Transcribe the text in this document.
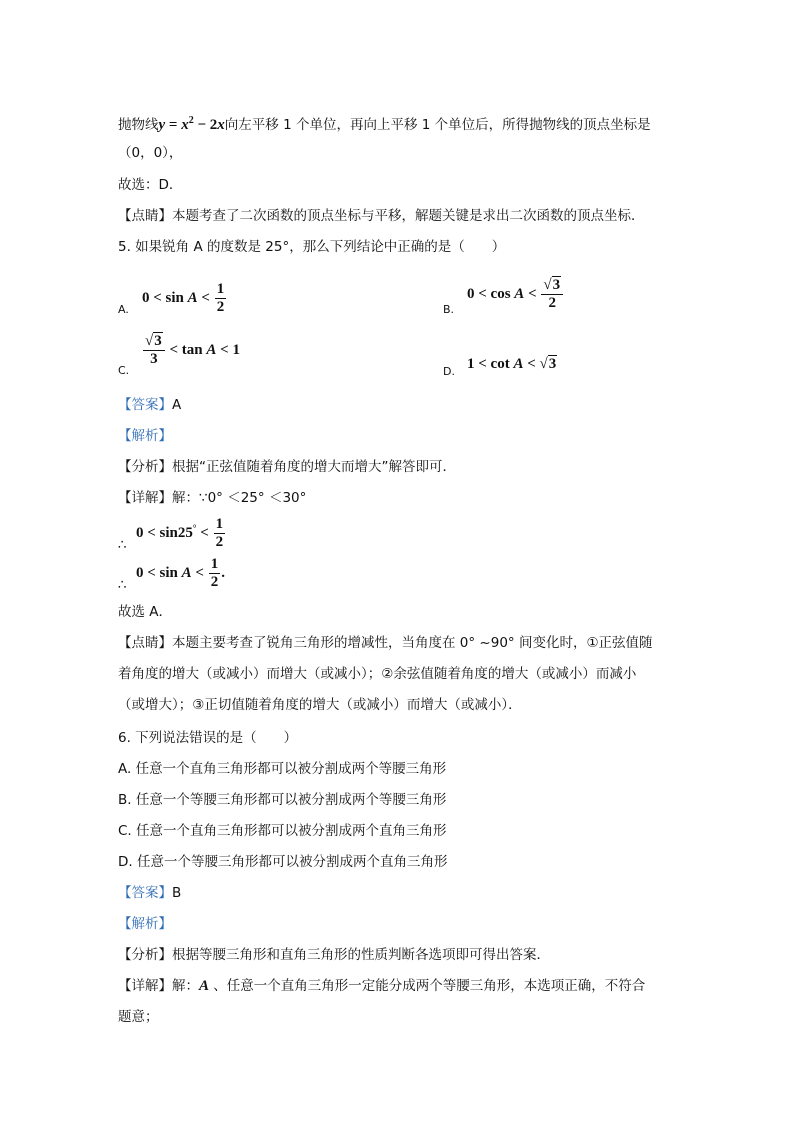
抛物线$y = x^2 - 2x$向左平移 1 个单位，再向上平移 1 个单位后，所得抛物线的顶点坐标是
（0，0），
故选：D．
【点睛】本题考查了二次函数的顶点坐标与平移，解题关键是求出二次函数的顶点坐标．
5. 如果锐角 A 的度数是 25°，那么下列结论中正确的是（　　）
A.
$0 < \sin A < \frac{1}{2}$	B.
$0 < \cos A < \frac{√3}{2}$
C.
$\frac{√3}{3} < \tan A < 1$
D. 1 < cot A < √3
【答案】A
【解析】
【分析】根据“正弦值随着角度的增大而增大”解答即可．
【详解】解：∵0° ＜25° ＜30°
∴
$0 < \sin 25^\circ < \frac{1}{2}$
∴
$0 < \sin A < \frac{1}{2}$ .
故选 A．
【点睛】本题主要考查了锐角三角形的增减性，当角度在 0° ~90° 间变化时，①正弦值随
着角度的增大（或减小）而增大（或减小）；②余弦值随着角度的增大（或减小）而减小
（或增大）；③正切值随着角度的增大（或减小）而增大（或减小）．
6. 下列说法错误的是（　　）
A. 任意一个直角三角形都可以被分割成两个等腰三角形
B. 任意一个等腰三角形都可以被分割成两个等腰三角形
C. 任意一个直角三角形都可以被分割成两个直角三角形
D. 任意一个等腰三角形都可以被分割成两个直角三角形
【答案】B
【解析】
【分析】根据等腰三角形和直角三角形的性质判断各选项即可得出答案．
【详解】解：A 、任意一个直角三角形一定能分成两个等腰三角形，本选项正确，不符合
题意；
